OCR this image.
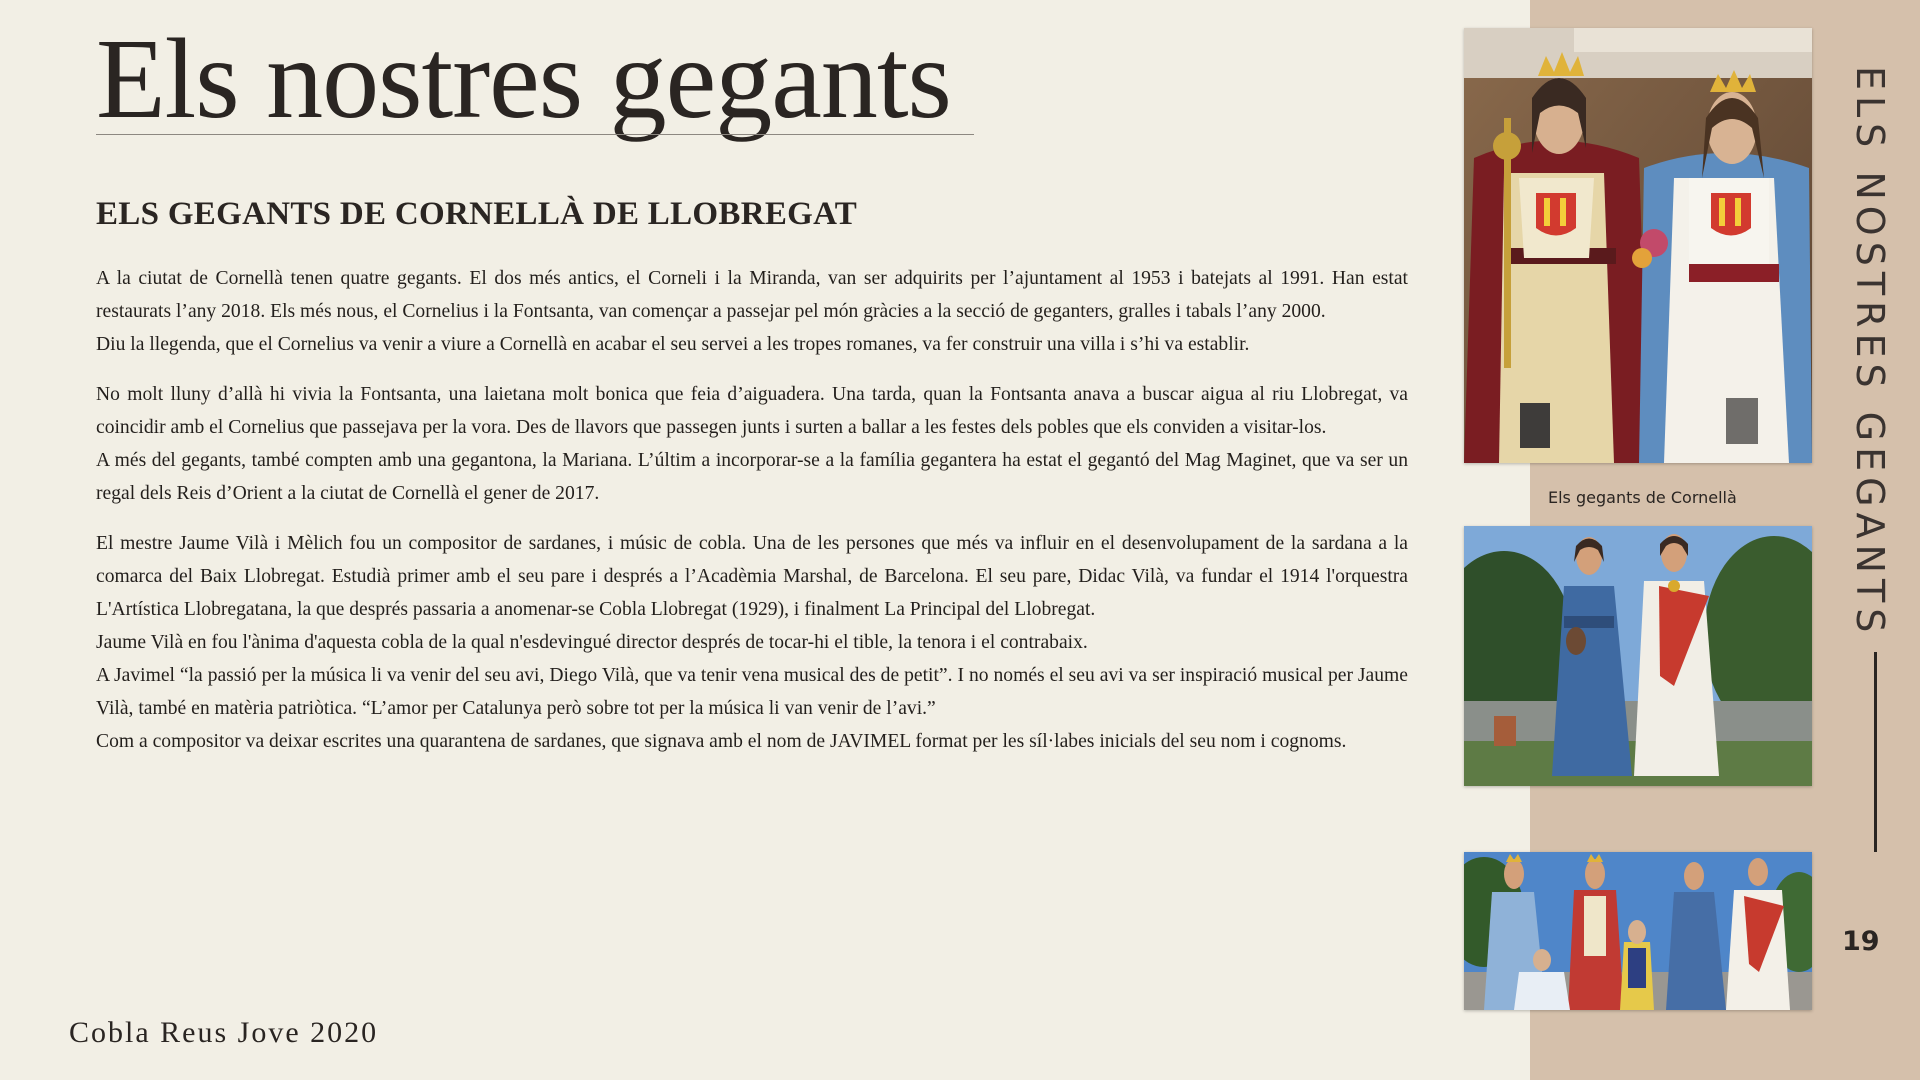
Els nostres gegants
ELS GEGANTS DE CORNELLÀ DE LLOBREGAT

A la ciutat de Cornellà tenen quatre gegants. El dos més antics, el Corneli i la Miranda, van ser adquirits per l’ajuntament al 1953 i batejats al 1991. Han estat restaurats l’any 2018. Els més nous, el Cornelius i la Fontsanta, van començar a passejar pel món gràcies a la secció de geganters, gralles i tabals l’any 2000.

Diu la llegenda, que el Cornelius va venir a viure a Cornellà en acabar el seu servei a les tropes romanes, va fer construir una villa i s’hi va establir.

No molt lluny d’allà hi vivia la Fontsanta, una laietana molt bonica que feia d’aiguadera. Una tarda, quan la Fontsanta anava a buscar aigua al riu Llobregat, va coincidir amb el Cornelius que passejava per la vora. Des de llavors que passegen junts i surten a ballar a les festes dels pobles que els conviden a visitar-los.

A més del gegants, també compten amb una gegantona, la Mariana. L’últim a incorporar-se a la família gegantera ha estat el gegantó del Mag Maginet, que va ser un regal dels Reis d’Orient a la ciutat de Cornellà el gener de 2017.

El mestre Jaume Vilà i Mèlich fou un compositor de sardanes, i músic de cobla. Una de les persones que més va influir en el desenvolupament de la sardana a la comarca del Baix Llobregat. Estudià primer amb el seu pare i després a l’Acadèmia Marshal, de Barcelona. El seu pare, Didac Vilà, va fundar el 1914 l'orquestra L'Artística Llobregatana, la que després passaria a anomenar-se Cobla Llobregat (1929), i finalment La Principal del Llobregat.

Jaume Vilà en fou l'ànima d'aquesta cobla de la qual n'esdevingué director després de tocar-hi el tible, la tenora i el contrabaix.

A Javimel “la passió per la música li va venir del seu avi, Diego Vilà, que va tenir vena musical des de petit”. I no només el seu avi va ser inspiració musical per Jaume Vilà, també en matèria patriòtica. “L’amor per Catalunya però sobre tot per la música li van venir de l’avi.”

Com a compositor va deixar escrites una quarantena de sardanes, que signava amb el nom de JAVIMEL format per les síl·labes inicials del seu nom i cognoms.

Cobla Reus Jove 2020
Els gegants de Cornellà	ELS NOSTRES GEGANTS
19
